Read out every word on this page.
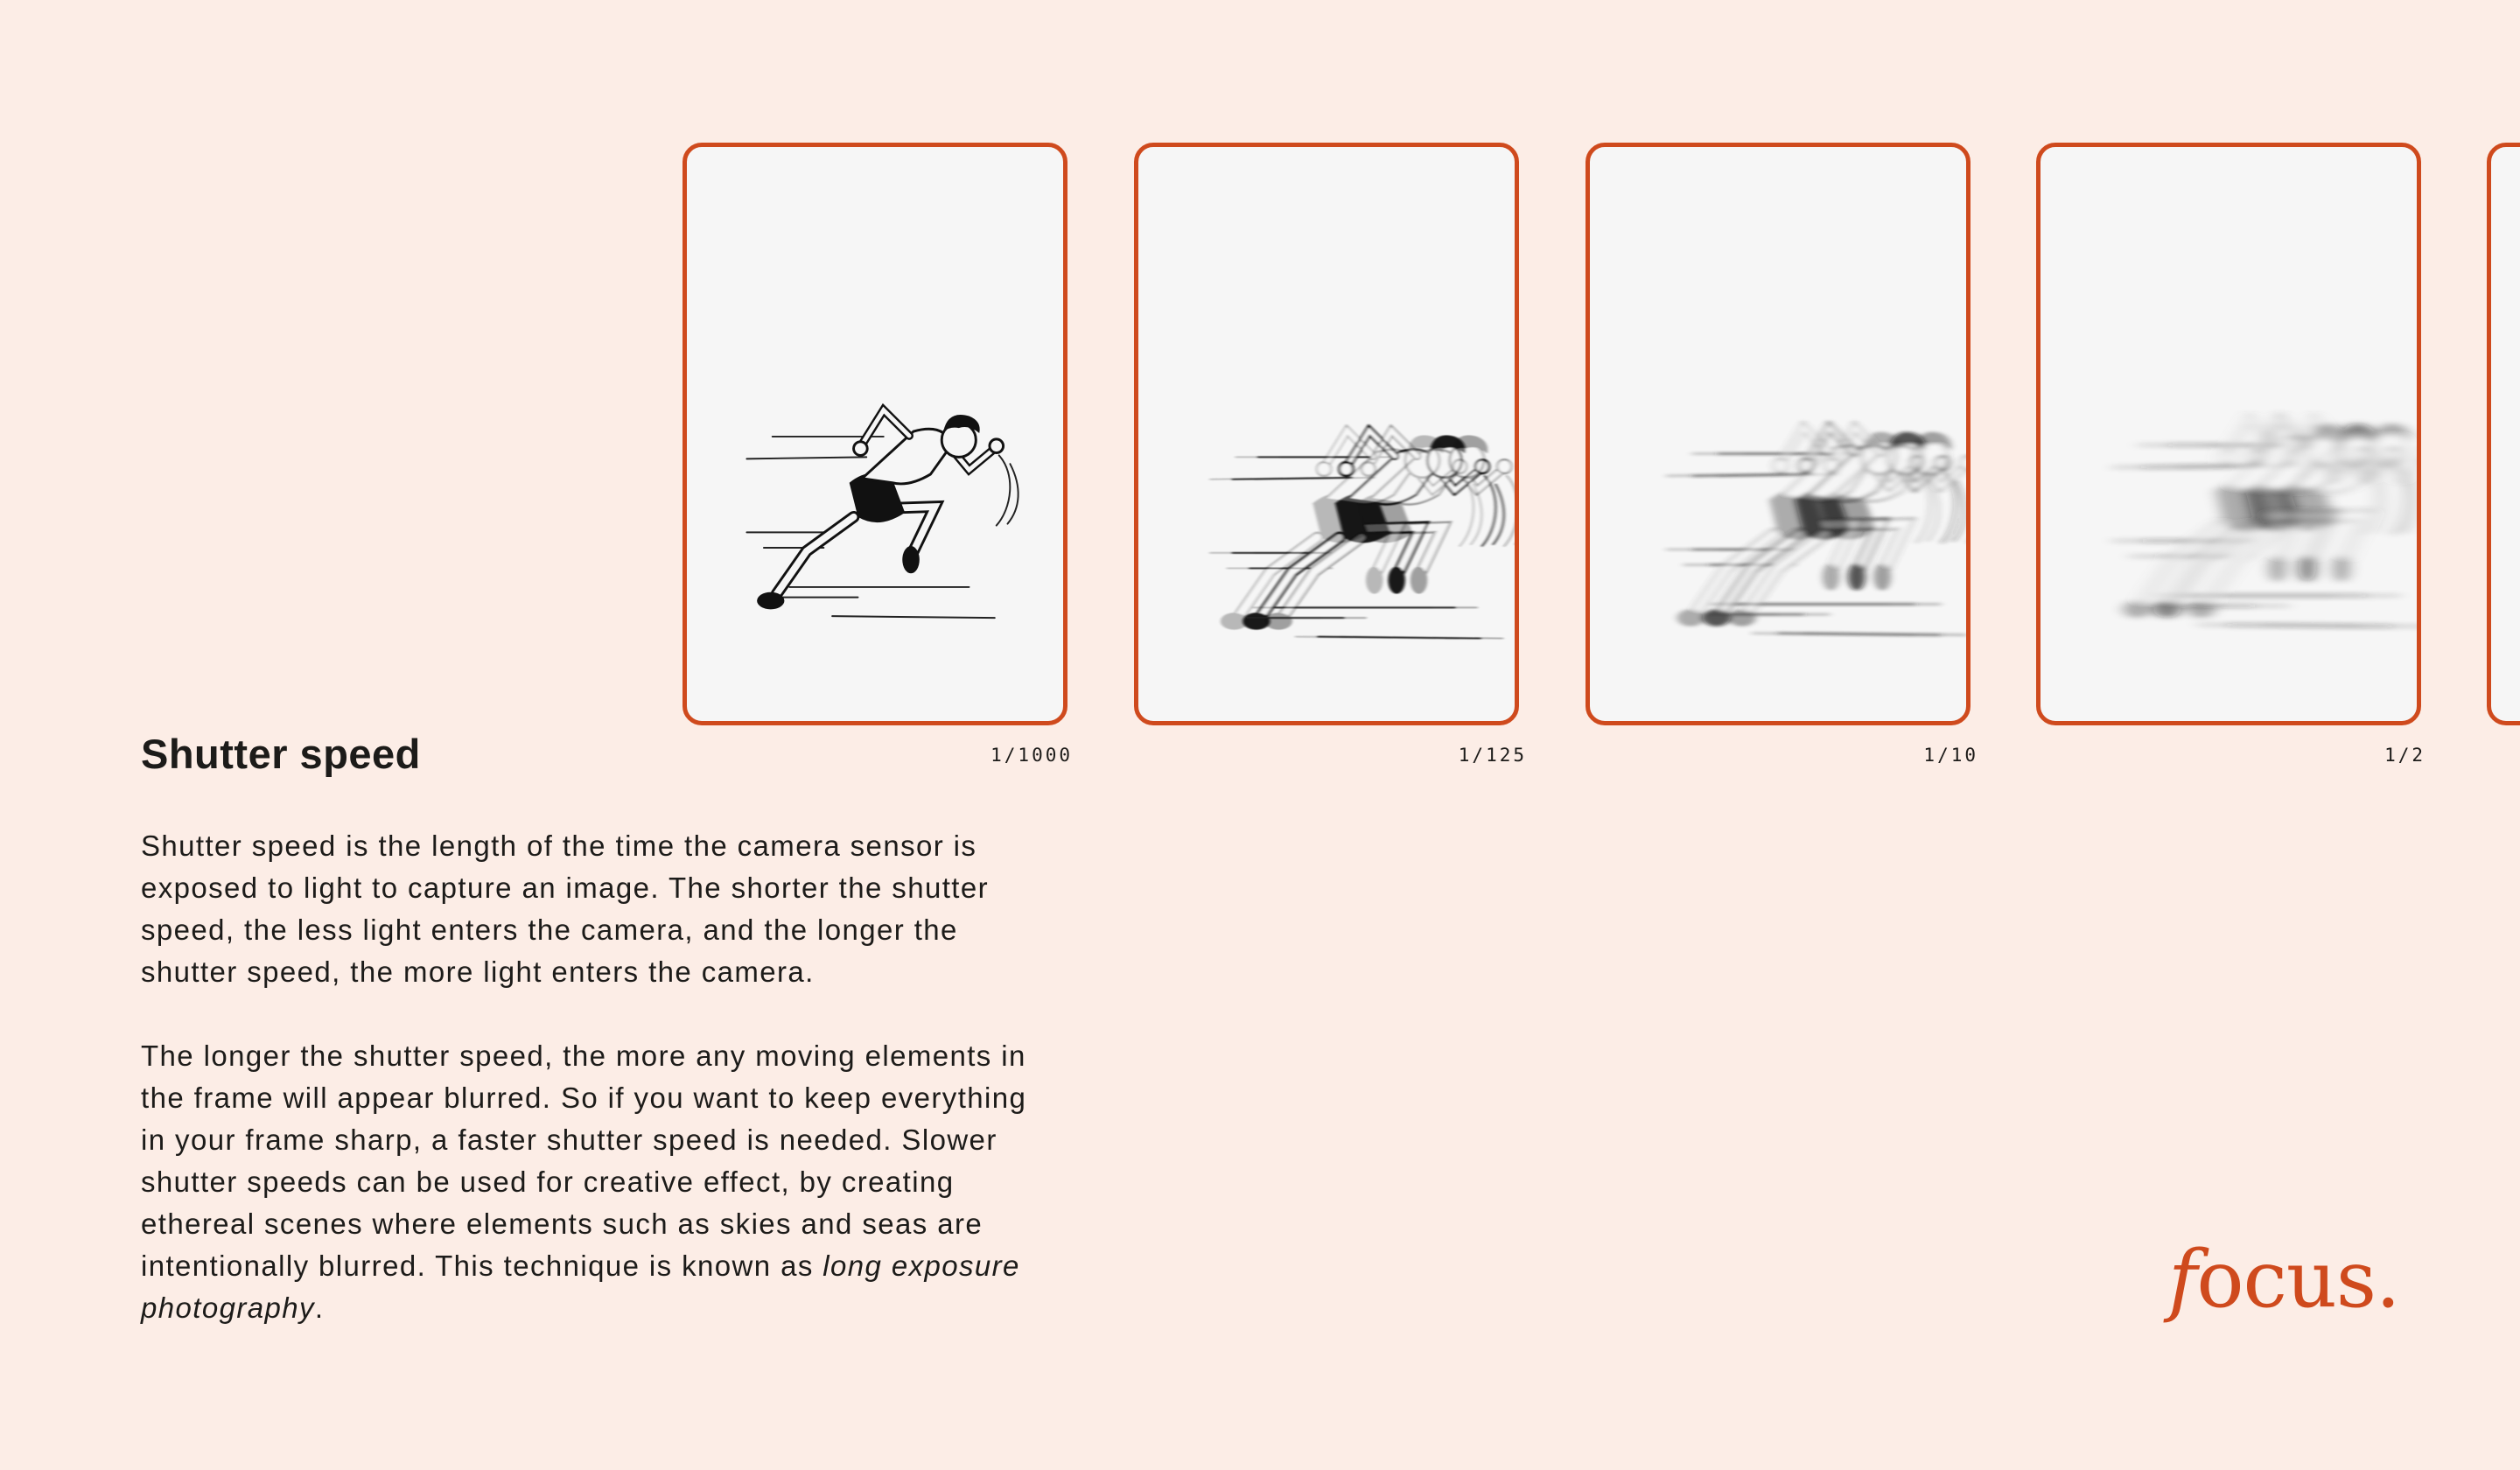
1/1000	1/125	1/10	1/2
Shutter speed

Shutter speed is the length of the time the camera sensor is exposed to light to capture an image. The shorter the shutter speed, the less light enters the camera, and the longer the shutter speed, the more light enters the camera.

The longer the shutter speed, the more any moving elements in the frame will appear blurred. So if you want to keep everything in your frame sharp, a faster shutter speed is needed. Slower shutter speeds can be used for creative effect, by creating ethereal scenes where elements such as skies and seas are intentionally blurred. This technique is known as long exposure photography.	focus.
